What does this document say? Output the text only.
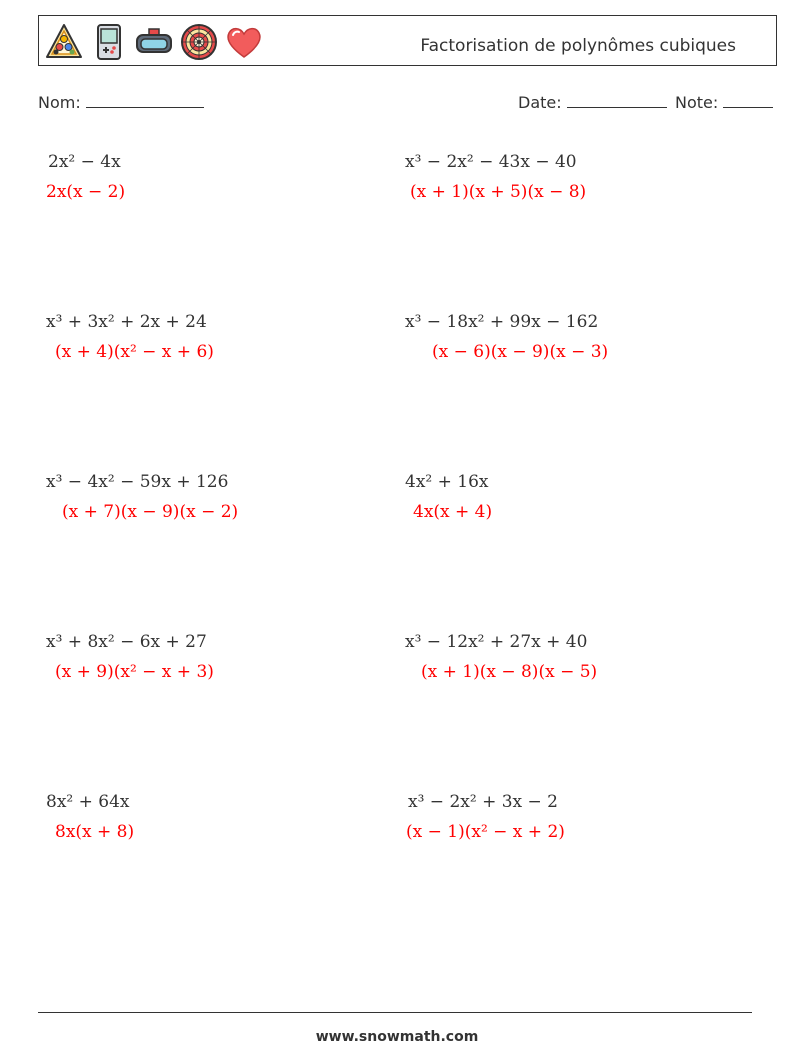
Factorisation de polynômes cubiques
Nom:	Date:	Note:
2x² − 4x
2x(x − 2)
x³ − 2x² − 43x − 40
(x + 1)(x + 5)(x − 8)
x³ + 3x² + 2x + 24
(x + 4)(x² − x + 6)
x³ − 18x² + 99x − 162
(x − 6)(x − 9)(x − 3)
x³ − 4x² − 59x + 126
(x + 7)(x − 9)(x − 2)
4x² + 16x
4x(x + 4)
x³ + 8x² − 6x + 27
(x + 9)(x² − x + 3)
x³ − 12x² + 27x + 40
(x + 1)(x − 8)(x − 5)
8x² + 64x
8x(x + 8)
x³ − 2x² + 3x − 2
(x − 1)(x² − x + 2)
www.snowmath.com
